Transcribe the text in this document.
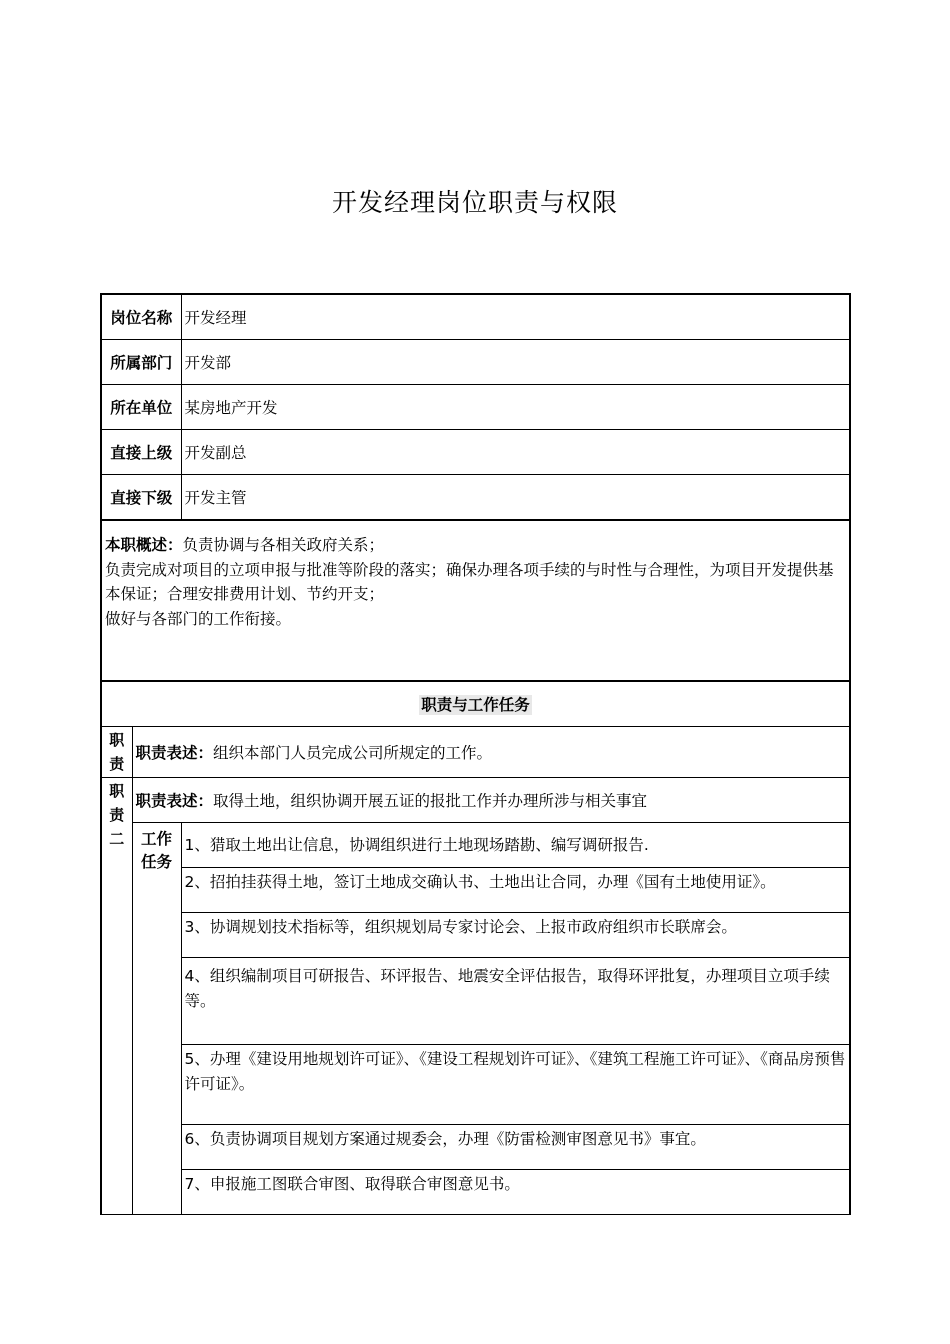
开发经理岗位职责与权限
岗位名称		开发经理
所属部门		开发部
所在单位		某房地产开发
直接上级		开发副总
直接下级		开发主管
本职概述：负责协调与各相关政府关系；
负责完成对项目的立项申报与批准等阶段的落实；确保办理各项手续的与时性与合理性，为项目开发提供基本保证；合理安排费用计划、节约开支；
做好与各部门的工作衔接。		
职责与工作任务		

职
责	职责表述：组织本部门人员完成公司所规定的工作。	

职
责
二	职责表述：取得土地，组织协调开展五证的报批工作并办理所涉与相关事宜	

	工作
任务	1、猎取土地出让信息，协调组织进行土地现场踏勘、编写调研报告.
		2、招拍挂获得土地，签订土地成交确认书、土地出让合同，办理《国有土地使用证》。
		3、协调规划技术指标等，组织规划局专家讨论会、上报市政府组织市长联席会。
		4、组织编制项目可研报告、环评报告、地震安全评估报告，取得环评批复，办理项目立项手续等。
		5、办理《建设用地规划许可证》、《建设工程规划许可证》、《建筑工程施工许可证》、《商品房预售许可证》。
		6、负责协调项目规划方案通过规委会，办理《防雷检测审图意见书》事宜。
		7、申报施工图联合审图、取得联合审图意见书。
